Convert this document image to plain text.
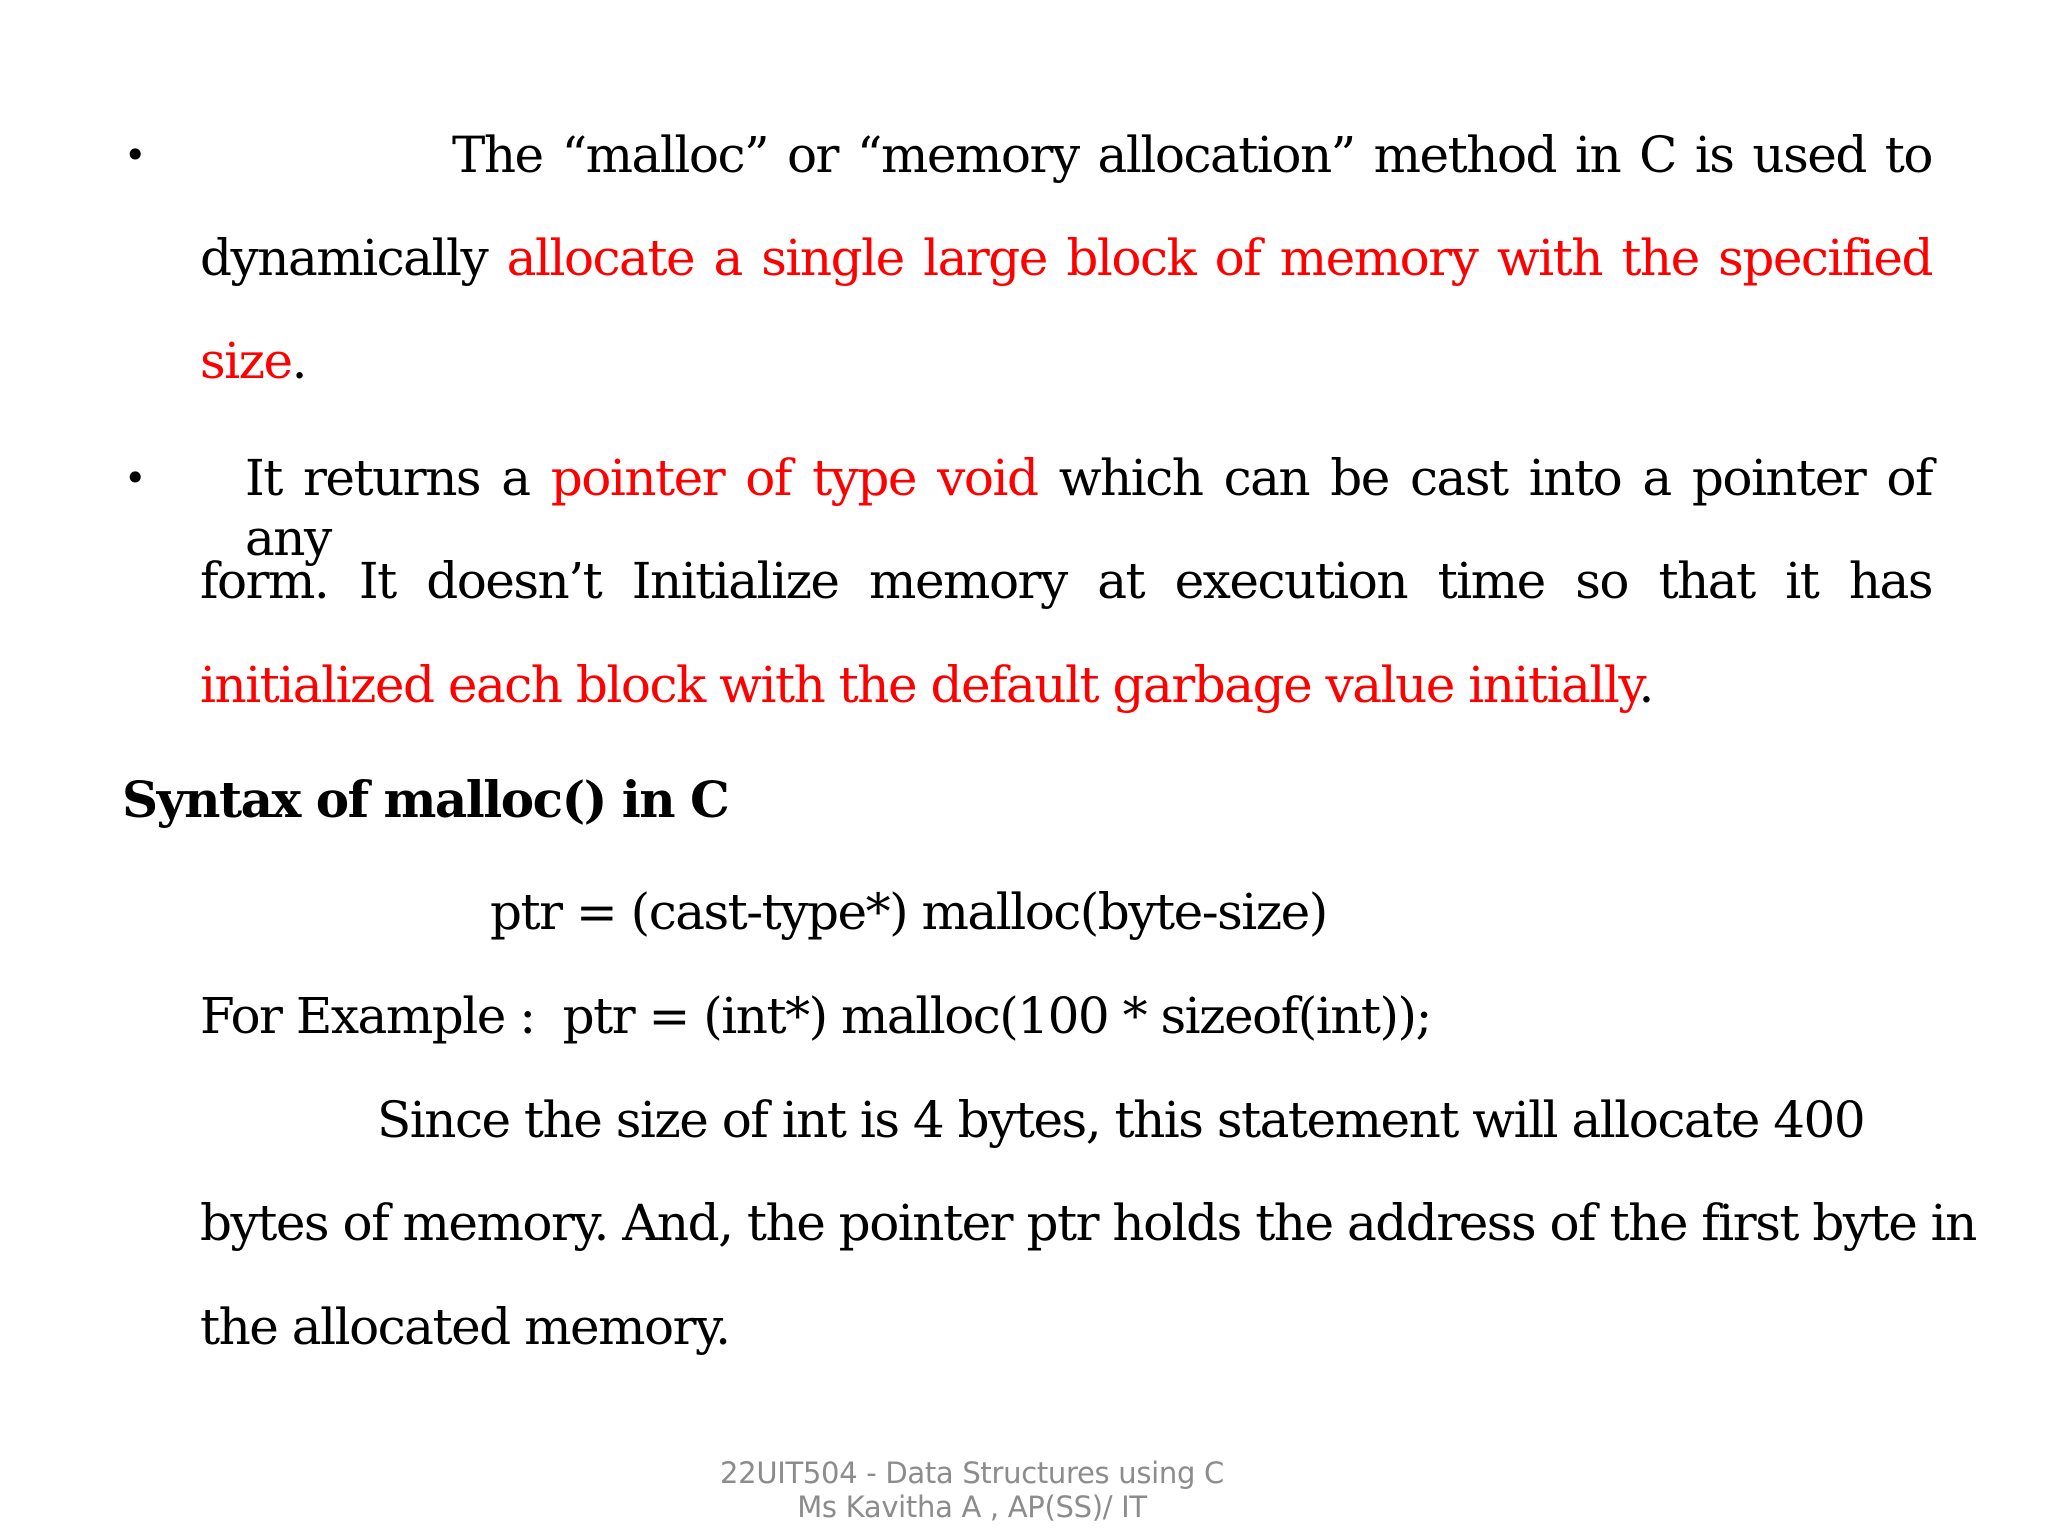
•	The “malloc” or “memory allocation” method in C is used to
dynamically allocate a single large block of memory with the specified
size.
• It returns a pointer of type void which can be cast into a pointer of any
form. It doesn’t Initialize memory at execution time so that it has
initialized each block with the default garbage value initially.
Syntax of malloc() in C
ptr = (cast-type*) malloc(byte-size)
For Example : ptr = (int*) malloc(100 * sizeof(int));
Since the size of int is 4 bytes, this statement will allocate 400
bytes of memory. And, the pointer ptr holds the address of the first byte in
the allocated memory.
22UIT504 - Data Structures using C
Ms Kavitha A , AP(SS)/ IT
